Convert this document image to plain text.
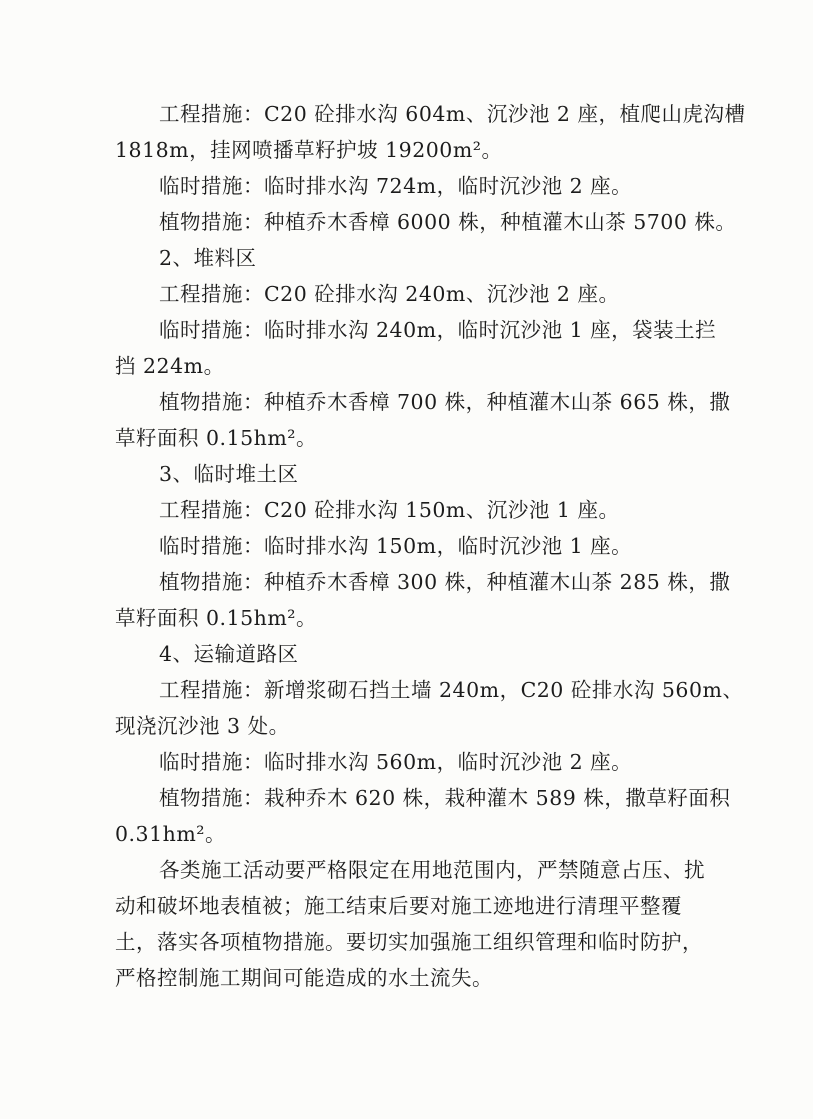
工程措施：C20 砼排水沟 604m、沉沙池 2 座，植爬山虎沟槽
1818m，挂网喷播草籽护坡 19200m²。
临时措施：临时排水沟 724m，临时沉沙池 2 座。
植物措施：种植乔木香樟 6000 株，种植灌木山茶 5700 株。
2、堆料区
工程措施：C20 砼排水沟 240m、沉沙池 2 座。
临时措施：临时排水沟 240m，临时沉沙池 1 座，袋装土拦
挡 224m。
植物措施：种植乔木香樟 700 株，种植灌木山茶 665 株，撒
草籽面积 0.15hm²。
3、临时堆土区
工程措施：C20 砼排水沟 150m、沉沙池 1 座。
临时措施：临时排水沟 150m，临时沉沙池 1 座。
植物措施：种植乔木香樟 300 株，种植灌木山茶 285 株，撒
草籽面积 0.15hm²。
4、运输道路区
工程措施：新增浆砌石挡土墙 240m，C20 砼排水沟 560m、
现浇沉沙池 3 处。
临时措施：临时排水沟 560m，临时沉沙池 2 座。
植物措施：栽种乔木 620 株，栽种灌木 589 株，撒草籽面积
0.31hm²。
各类施工活动要严格限定在用地范围内，严禁随意占压、扰
动和破坏地表植被；施工结束后要对施工迹地进行清理平整覆
土，落实各项植物措施。要切实加强施工组织管理和临时防护，
严格控制施工期间可能造成的水土流失。
